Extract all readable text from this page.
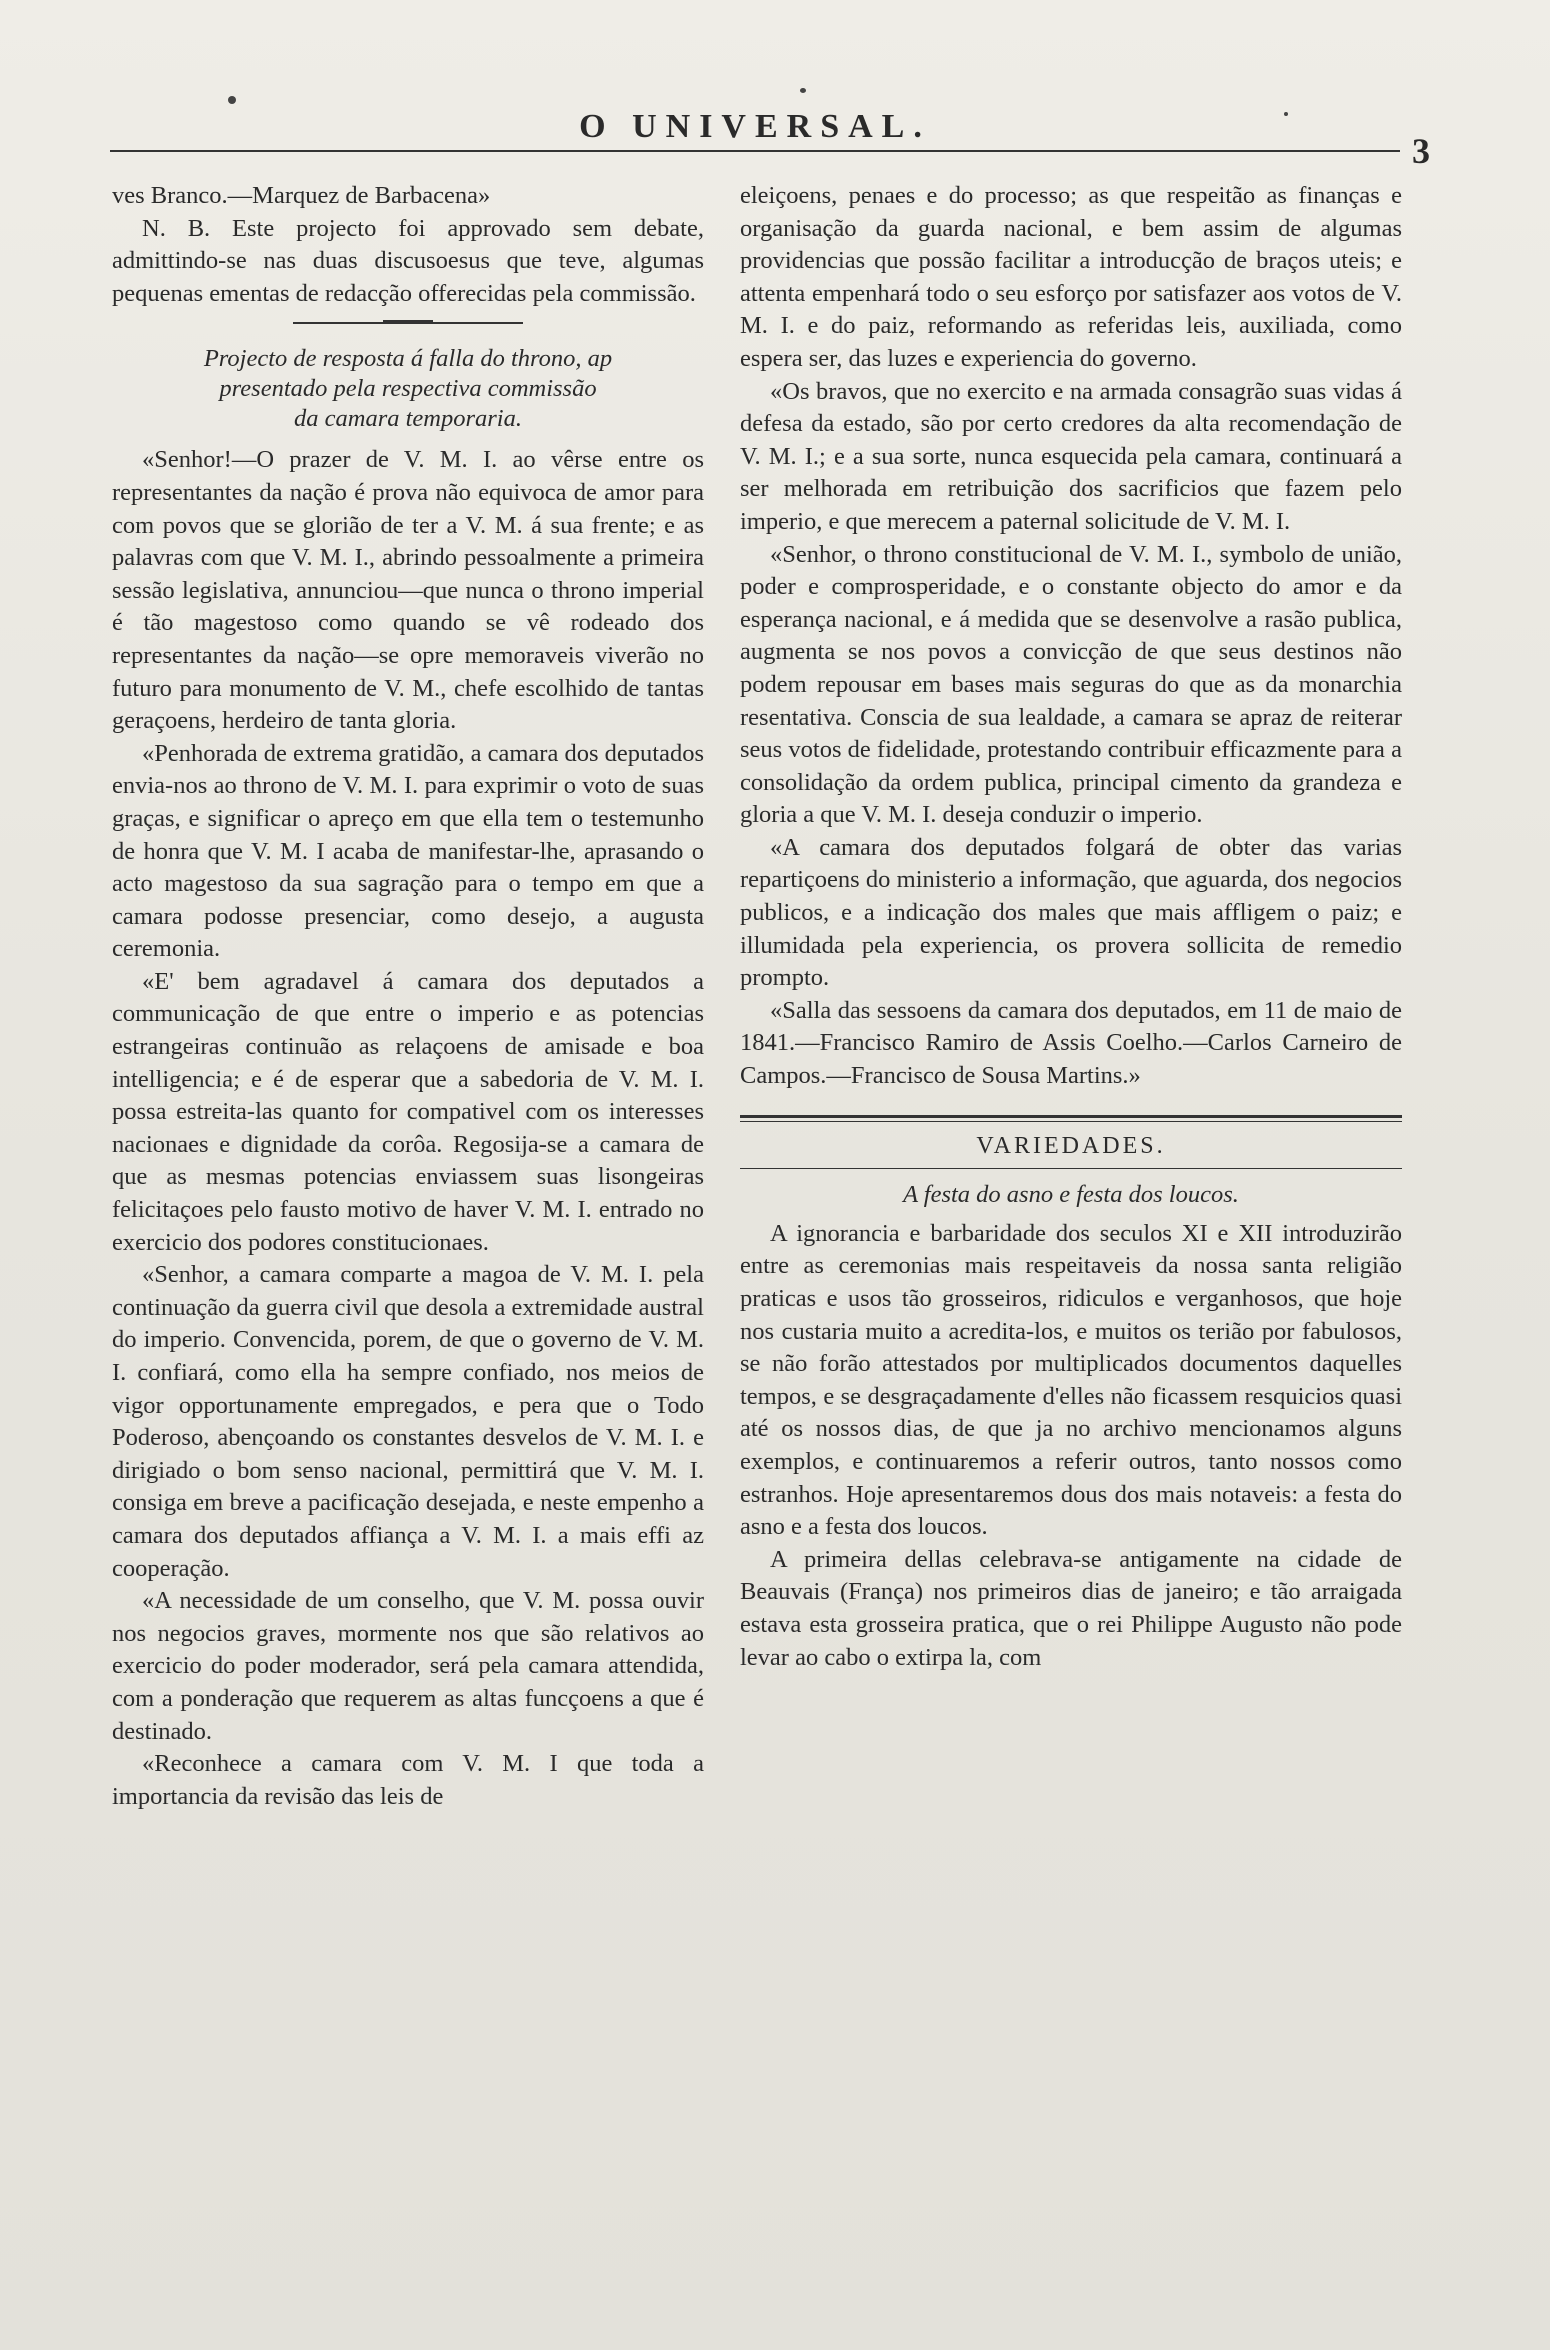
O UNIVERSAL.
3

ves Branco.—Marquez de Barbacena»

N. B. Este projecto foi approvado sem debate, admittindo-se nas duas discusoesus que teve, algumas pequenas ementas de redacção offerecidas pela commissão.

Projecto de resposta á falla do throno, ap
presentado pela respectiva commissão
da camara temporaria.

«Senhor!—O prazer de V. M. I. ao vêrse entre os representantes da nação é prova não equivoca de amor para com povos que se glorião de ter a V. M. á sua frente; e as palavras com que V. M. I., abrindo pessoalmente a primeira sessão legislativa, annunciou—que nunca o throno imperial é tão magestoso como quando se vê rodeado dos representantes da nação—se opre memoraveis viverão no futuro para monumento de V. M., chefe escolhido de tantas geraçoens, herdeiro de tanta gloria.

«Penhorada de extrema gratidão, a camara dos deputados envia-nos ao throno de V. M. I. para exprimir o voto de suas graças, e significar o apreço em que ella tem o testemunho de honra que V. M. I acaba de manifestar-lhe, aprasando o acto magestoso da sua sagração para o tempo em que a camara podosse presenciar, como desejo, a augusta ceremonia.

«E' bem agradavel á camara dos deputados a communicação de que entre o imperio e as potencias estrangeiras continuão as relaçoens de amisade e boa intelligencia; e é de esperar que a sabedoria de V. M. I. possa estreita-las quanto for compativel com os interesses nacionaes e dignidade da corôa. Regosija-se a camara de que as mesmas potencias enviassem suas lisongeiras felicitaçoes pelo fausto motivo de haver V. M. I. entrado no exercicio dos podores constitucionaes.

«Senhor, a camara comparte a magoa de V. M. I. pela continuação da guerra civil que desola a extremidade austral do imperio. Convencida, porem, de que o governo de V. M. I. confiará, como ella ha sempre confiado, nos meios de vigor opportunamente empregados, e pera que o Todo Poderoso, abençoando os constantes desvelos de V. M. I. e dirigiado o bom senso nacional, permittirá que V. M. I. consiga em breve a pacificação desejada, e neste empenho a camara dos deputados affiança a V. M. I. a mais effi az cooperação.

«A necessidade de um conselho, que V. M. possa ouvir nos negocios graves, mormente nos que são relativos ao exercicio do poder moderador, será pela camara attendida, com a ponderação que requerem as altas funcçoens a que é destinado.

«Reconhece a camara com V. M. I que toda a importancia da revisão das leis de

eleiçoens, penaes e do processo; as que respeitão as finanças e organisação da guarda nacional, e bem assim de algumas providencias que possão facilitar a introducção de braços uteis; e attenta empenhará todo o seu esforço por satisfazer aos votos de V. M. I. e do paiz, reformando as referidas leis, auxiliada, como espera ser, das luzes e experiencia do governo.

«Os bravos, que no exercito e na armada consagrão suas vidas á defesa da estado, são por certo credores da alta recomendação de V. M. I.; e a sua sorte, nunca esquecida pela camara, continuará a ser melhorada em retribuição dos sacrificios que fazem pelo imperio, e que merecem a paternal solicitude de V. M. I.

«Senhor, o throno constitucional de V. M. I., symbolo de união, poder e comprosperidade, e o constante objecto do amor e da esperança nacional, e á medida que se desenvolve a rasão publica, augmenta se nos povos a convicção de que seus destinos não podem repousar em bases mais seguras do que as da monarchia resentativa. Conscia de sua lealdade, a camara se apraz de reiterar seus votos de fidelidade, protestando contribuir efficazmente para a consolidação da ordem publica, principal cimento da grandeza e gloria a que V. M. I. deseja conduzir o imperio.

«A camara dos deputados folgará de obter das varias repartiçoens do ministerio a informação, que aguarda, dos negocios publicos, e a indicação dos males que mais affligem o paiz; e illumidada pela experiencia, os provera sollicita de remedio prompto.

«Salla das sessoens da camara dos deputados, em 11 de maio de 1841.—Francisco Ramiro de Assis Coelho.—Carlos Carneiro de Campos.—Francisco de Sousa Martins.»

VARIEDADES.
A festa do asno e festa dos loucos.

A ignorancia e barbaridade dos seculos XI e XII introduzirão entre as ceremonias mais respeitaveis da nossa santa religião praticas e usos tão grosseiros, ridiculos e verganhosos, que hoje nos custaria muito a acredita-los, e muitos os terião por fabulosos, se não forão attestados por multiplicados documentos daquelles tempos, e se desgraçadamente d'elles não ficassem resquicios quasi até os nossos dias, de que ja no archivo mencionamos alguns exemplos, e continuaremos a referir outros, tanto nossos como estranhos. Hoje apresentaremos dous dos mais notaveis: a festa do asno e a festa dos loucos.

A primeira dellas celebrava-se antigamente na cidade de Beauvais (França) nos primeiros dias de janeiro; e tão arraigada estava esta grosseira pratica, que o rei Philippe Augusto não pode levar ao cabo o extirpa la, com
